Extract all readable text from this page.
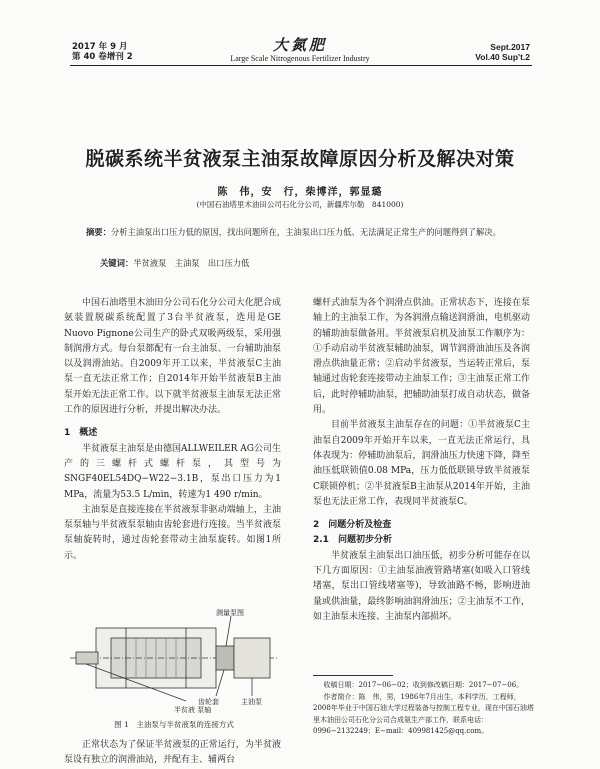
2017 年 9 月
第 40 卷增刊 2
大氮肥
Large Scale Nitrogenous Fertilizer Industry
Sept.2017
Vol.40 Sup't.2
脱碳系统半贫液泵主油泵故障原因分析及解决对策
陈　伟，安　行，柴博洋，郭显璐
(中国石油塔里木油田公司石化分公司，新疆库尔勒　841000)
摘要：分析主油泵出口压力低的原因，找出问题所在，主油泵出口压力低、无法满足正常生产的问题得到了解决。
关键词：半贫液泵　主油泵　出口压力低

中国石油塔里木油田分公司石化分公司大化肥合成氨装置脱碳系统配置了3台半贫液泵，选用是GE Nuovo Pignone公司生产的卧式双吸两级泵，采用强制润滑方式。每台泵都配有一台主油泵、一台辅助油泵以及润滑油站。自2009年开工以来，半贫液泵C主油泵一直无法正常工作；自2014年开始半贫液泵B主油泵开始无法正常工作。以下就半贫液泵主油泵无法正常工作的原因进行分析，并提出解决办法。

1　概述

半贫液泵主油泵是由德国ALLWEILER AG公司生产的三螺杆式螺杆泵，其型号为SNGF40EL54DQ−W22−3.1B，泵出口压力为1 MPa，流量为53.5 L/min，转速为1 490 r/min。

主油泵是直接连接在半贫液泵非驱动端轴上，主油泵泵轴与半贫液泵泵轴由齿轮套进行连接。当半贫液泵泵轴旋转时，通过齿轮套带动主油泵旋转。如图1所示。

测量泵图
齿轮套	主油泵
半贫液 泵轴
图 1　主油泵与半贫液泵的连接方式

正常状态为了保证半贫液泵的正常运行，为半贫液泵设有独立的润滑油站，并配有主、辅两台

螺杆式油泵为各个润滑点供油。正常状态下，连接在泵轴上的主油泵工作，为各润滑点输送润滑油，电机驱动的辅助油泵做备用。半贫液泵启机及油泵工作顺序为：①手动启动半贫液泵辅助油泵，调节润滑油油压及各润滑点供油量正常；②启动半贫液泵，当运转正常后，泵轴通过齿轮套连接带动主油泵工作；③主油泵正常工作后，此时停辅助油泵，把辅助油泵打成自动状态，做备用。

目前半贫液泵主油泵存在的问题：①半贫液泵C主油泵自2009年开始开车以来，一直无法正常运行，具体表现为：停辅助油泵后，润滑油压力快速下降，降至油压低联锁值0.08 MPa，压力低低联锁导致半贫液泵C联锁停机；②半贫液泵B主油泵从2014年开始，主油泵也无法正常工作，表现同半贫液泵C。

2　问题分析及检查
2.1　问题初步分析

半贫液泵主油泵出口油压低，初步分析可能存在以下几方面原因：①主油泵油液管路堵塞(如吸入口管线堵塞，泵出口管线堵塞等)，导致油路不畅，影响进油量或供油量，最终影响油润滑油压；②主油泵不工作，如主油泵未连接、主油泵内部损坏。

收稿日期：2017−06−02；收到修改稿日期：2017−07−06。

作者简介：陈　伟，男，1986年7月出生，本科学历，工程师，2008年毕业于中国石油大学过程装备与控制工程专业，现在中国石油塔里木油田公司石化分公司合成氨生产部工作，联系电话：0996−2132249；E−mail：409981425@qq.com。
